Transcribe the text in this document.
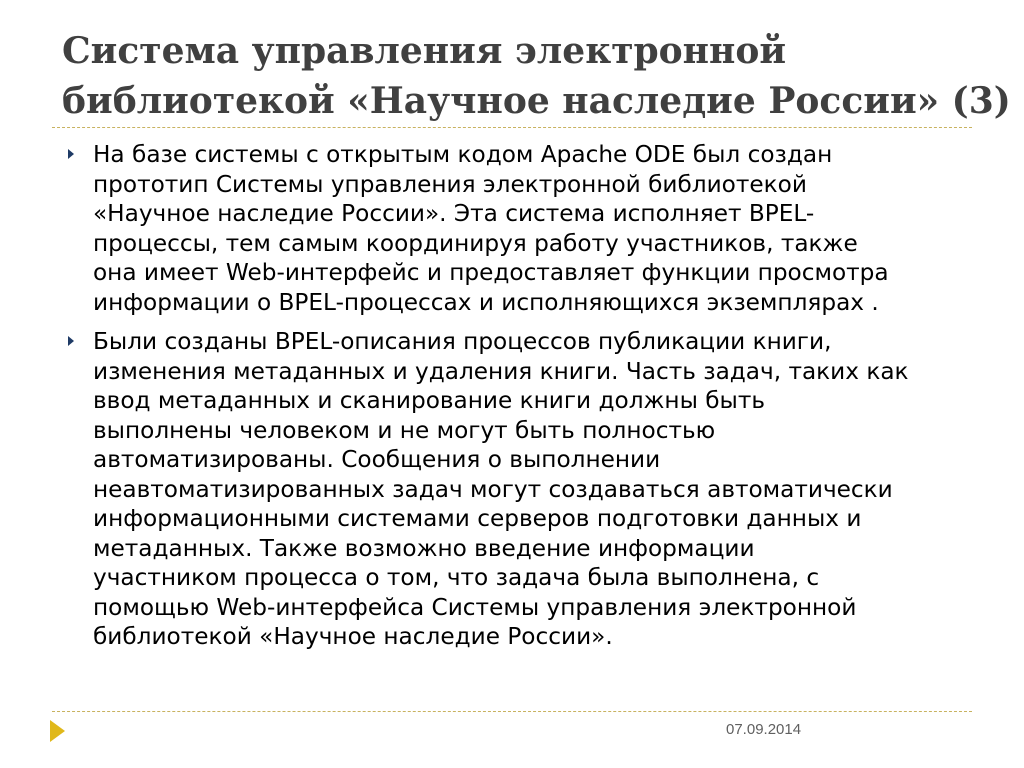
Система управления электронной
библиотекой «Научное наследие России» (3)
На базе системы с открытым кодом Apache ODE был создан
прототип Системы управления электронной библиотекой
«Научное наследие России». Эта система исполняет BPEL-
процессы, тем самым координируя работу участников, также
она имеет Web-интерфейс и предоставляет функции просмотра
информации о BPEL-процессах и исполняющихся экземплярах .
Были созданы BPEL-описания процессов публикации книги,
изменения метаданных и удаления книги. Часть задач, таких как
ввод метаданных и сканирование книги должны быть
выполнены человеком и не могут быть полностью
автоматизированы. Сообщения о выполнении
неавтоматизированных задач могут создаваться автоматически
информационными системами серверов подготовки данных и
метаданных. Также возможно введение информации
участником процесса о том, что задача была выполнена, с
помощью Web-интерфейса Системы управления электронной
библиотекой «Научное наследие России».
07.09.2014
